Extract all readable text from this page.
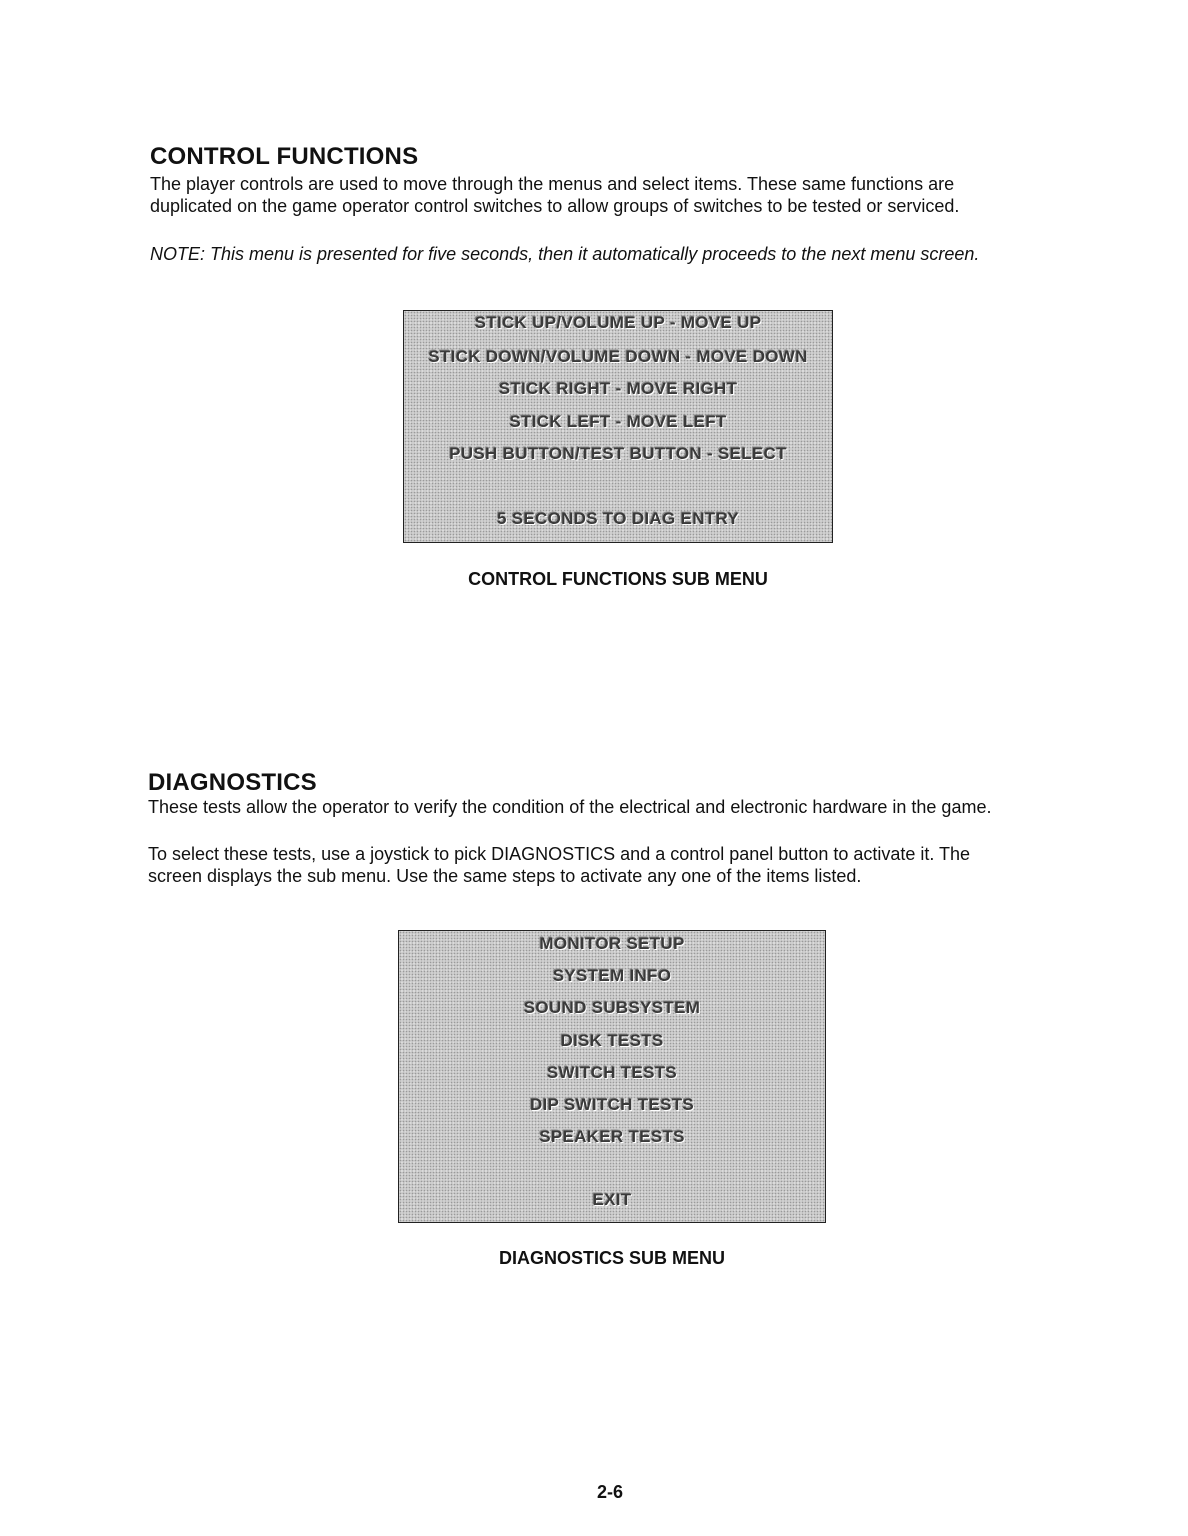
CONTROL FUNCTIONS

The player controls are used to move through the menus and select items. These same functions are

duplicated on the game operator control switches to allow groups of switches to be tested or serviced.

NOTE: This menu is presented for five seconds, then it automatically proceeds to the next menu screen.

STICK UP/VOLUME UP - MOVE UP
STICK DOWN/VOLUME DOWN - MOVE DOWN
STICK RIGHT - MOVE RIGHT
STICK LEFT - MOVE LEFT
PUSH BUTTON/TEST BUTTON - SELECT
5 SECONDS TO DIAG ENTRY

CONTROL FUNCTIONS SUB MENU

DIAGNOSTICS

These tests allow the operator to verify the condition of the electrical and electronic hardware in the game.

To select these tests, use a joystick to pick DIAGNOSTICS and a control panel button to activate it. The

screen displays the sub menu. Use the same steps to activate any one of the items listed.

MONITOR SETUP
SYSTEM INFO
SOUND SUBSYSTEM
DISK TESTS
SWITCH TESTS
DIP SWITCH TESTS
SPEAKER TESTS
EXIT

DIAGNOSTICS SUB MENU

2-6
